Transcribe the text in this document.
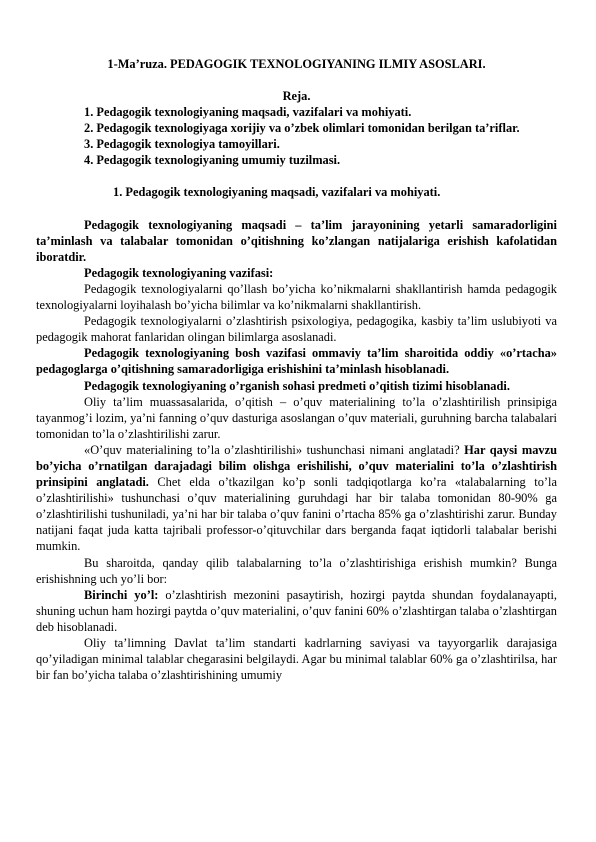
1-Ma’ruza. PEDAGOGIK TEXNOLOGIYANING ILMIY ASOSLARI.

Reja.

1. Pedagogik texnologiyaning maqsadi, vazifalari va mohiyati.

2. Pedagogik texnologiyaga xorijiy va o’zbek olimlari tomonidan berilgan ta’riflar.

3. Pedagogik texnologiya tamoyillari.

4. Pedagogik texnologiyaning umumiy tuzilmasi.

1. Pedagogik texnologiyaning maqsadi, vazifalari va mohiyati.

Pedagogik texnologiyaning maqsadi – ta’lim jarayonining yetarli samaradorligini ta’minlash va talabalar tomonidan o’qitishning ko’zlangan natijalariga erishish kafolatidan iboratdir.

Pedagogik texnologiyaning vazifasi:

Pedagogik texnologiyalarni qo’llash bo’yicha ko’nikmalarni shakllantirish hamda pedagogik texnologiyalarni loyihalash bo’yicha bilimlar va ko’nikmalarni shakllantirish.

Pedagogik texnologiyalarni o’zlashtirish psixologiya, pedagogika, kasbiy ta’lim uslubiyoti va pedagogik mahorat fanlaridan olingan bilimlarga asoslanadi.

Pedagogik texnologiyaning bosh vazifasi ommaviy ta’lim sharoitida oddiy «o’rtacha» pedagoglarga o’qitishning samaradorligiga erishishini ta’minlash hisoblanadi.

Pedagogik texnologiyaning o’rganish sohasi predmeti o’qitish tizimi hisoblanadi.

Oliy ta’lim muassasalarida, o’qitish – o’quv materialining to’la o’zlashtirilish prinsipiga tayanmog’i lozim, ya’ni fanning o’quv dasturiga asoslangan o’quv materiali, guruhning barcha talabalari tomonidan to’la o’zlashtirilishi zarur.

«O’quv materialining to’la o’zlashtirilishi» tushunchasi nimani anglatadi? Har qaysi mavzu bo’yicha o’rnatilgan darajadagi bilim olishga erishilishi, o’quv materialini to’la o’zlashtirish prinsipini anglatadi. Chet elda o’tkazilgan ko’p sonli tadqiqotlarga ko’ra «talabalarning to’la o’zlashtirilishi» tushunchasi o’quv materialining guruhdagi har bir talaba tomonidan 80-90% ga o’zlashtirilishi tushuniladi, ya’ni har bir talaba o’quv fanini o’rtacha 85% ga o’zlashtirishi zarur. Bunday natijani faqat juda katta tajribali professor-o’qituvchilar dars berganda faqat iqtidorli talabalar berishi mumkin.

Bu sharoitda, qanday qilib talabalarning to’la o’zlashtirishiga erishish mumkin? Bunga erishishning uch yo’li bor:

Birinchi yo’l: o’zlashtirish mezonini pasaytirish, hozirgi paytda shundan foydalanayapti, shuning uchun ham hozirgi paytda o’quv materialini, o’quv fanini 60% o’zlashtirgan talaba o’zlashtirgan deb hisoblanadi.

Oliy ta’limning Davlat ta’lim standarti kadrlarning saviyasi va tayyorgarlik darajasiga qo’yiladigan minimal talablar chegarasini belgilaydi. Agar bu minimal talablar 60% ga o’zlashtirilsa, har bir fan bo’yicha talaba o’zlashtirishining umumiy
